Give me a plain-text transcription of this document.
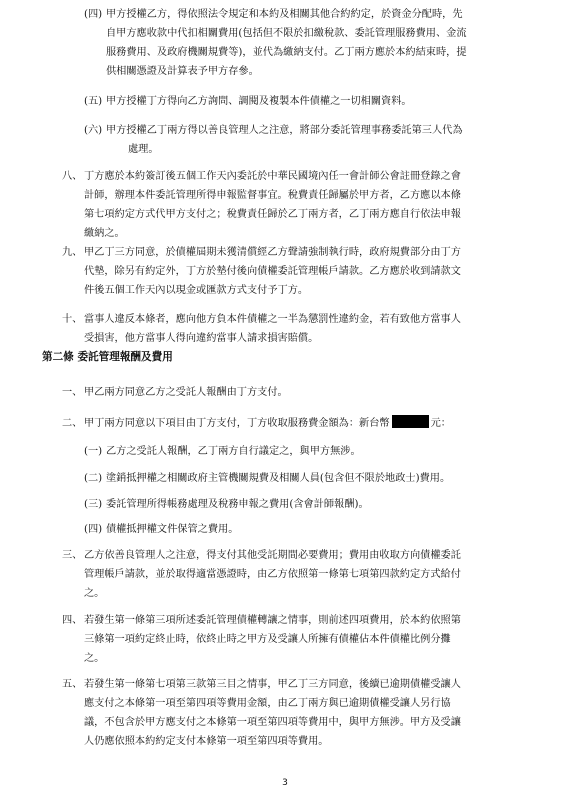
(四) 甲方授權乙方，得依照法令規定和本約及相關其他合約約定，於資金分配時，先
自甲方應收款中代扣相關費用(包括但不限於扣繳稅款、委託管理服務費用、金流
服務費用、及政府機關規費等)，並代為繳納支付。乙丁兩方應於本約結束時，提
供相關憑證及計算表予甲方存參。
(五) 甲方授權丁方得向乙方詢問、調閱及複製本件債權之一切相關資料。
(六) 甲方授權乙丁兩方得以善良管理人之注意，將部分委託管理事務委託第三人代為
處理。
八、 丁方應於本約簽訂後五個工作天內委託於中華民國境內任一會計師公會註冊登錄之會
計師，辦理本件委託管理所得申報監督事宜。稅費責任歸屬於甲方者，乙方應以本條
第七項約定方式代甲方支付之；稅費責任歸於乙丁兩方者，乙丁兩方應自行依法申報
繳納之。
九、 甲乙丁三方同意，於債權屆期未獲清償經乙方聲請強制執行時，政府規費部分由丁方
代墊，除另有約定外，丁方於墊付後向債權委託管理帳戶請款。乙方應於收到請款文
件後五個工作天內以現金或匯款方式支付予丁方。
十、 當事人違反本條者，應向他方負本件債權之一半為懲罰性違約金，若有致他方當事人
受損害，他方當事人得向違約當事人請求損害賠償。
第二條 委託管理報酬及費用
一、 甲乙兩方同意乙方之受託人報酬由丁方支付。
二、 甲丁兩方同意以下項目由丁方支付，丁方收取服務費金額為：新台幣	元：
(一) 乙方之受託人報酬，乙丁兩方自行議定之，與甲方無涉。
(二) 塗銷抵押權之相關政府主管機關規費及相關人員(包含但不限於地政士)費用。
(三) 委託管理所得帳務處理及稅務申報之費用(含會計師報酬)。
(四) 債權抵押權文件保管之費用。
三、 乙方依善良管理人之注意，得支付其他受託期間必要費用；費用由收取方向債權委託
管理帳戶請款，並於取得適當憑證時，由乙方依照第一條第七項第四款約定方式給付
之。
四、 若發生第一條第三項所述委託管理債權轉讓之情事，則前述四項費用，於本約依照第
三條第一項約定終止時，依終止時之甲方及受讓人所擁有債權佔本件債權比例分攤
之。
五、 若發生第一條第七項第三款第三目之情事，甲乙丁三方同意，後續已逾期債權受讓人
應支付之本條第一項至第四項等費用金額，由乙丁兩方與已逾期債權受讓人另行協
議，不包含於甲方應支付之本條第一項至第四項等費用中，與甲方無涉。甲方及受讓
人仍應依照本約約定支付本條第一項至第四項等費用。
3
